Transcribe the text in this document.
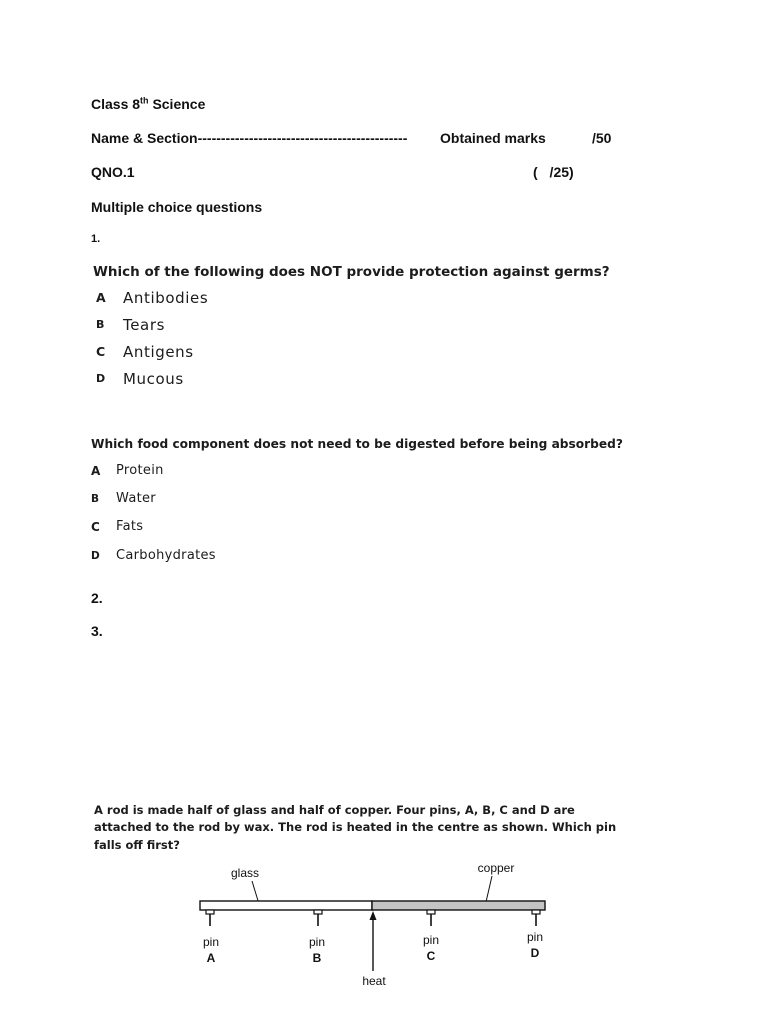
Class 8th Science
Name & Section--------------------------------------------- Obtained marks	/50
QNO.1	( /25)
Multiple choice questions
1.
Which of the following does NOT provide protection against germs?
A Antibodies
B Tears
C Antigens
D Mucous
Which food component does not need to be digested before being absorbed?
A Protein
B Water
C Fats
D Carbohydrates
2.
3.
A rod is made half of glass and half of copper. Four pins, A, B, C and D are
attached to the rod by wax. The rod is heated in the centre as shown. Which pin
falls off first?
glass	copper
pin
A
pin
B
pin
C
pin
D
heat
